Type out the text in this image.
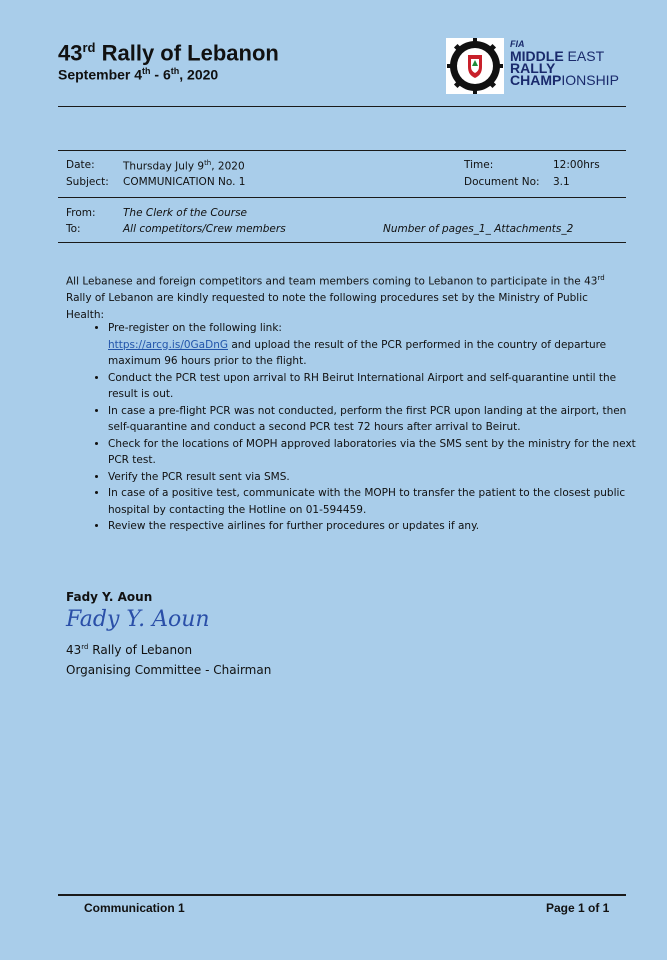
43rd Rally of Lebanon
September 4th - 6th, 2020
FIA
MIDDLE EAST
RALLY
CHAMPIONSHIP
Date:	Thursday July 9th, 2020	Time:	12:00hrs
Subject: COMMUNICATION No. 1	Document No: 3.1
From:	The Clerk of the Course
To:	All competitors/Crew members	Number of pages_1_ Attachments_2
All Lebanese and foreign competitors and team members coming to Lebanon to participate in the 43rd Rally of Lebanon are kindly requested to note the following procedures set by the Ministry of Public Health:
• Pre-register on the following link:
https://arcg.is/0GaDnG and upload the result of the PCR performed in the country of departure maximum 96 hours prior to the flight.
• Conduct the PCR test upon arrival to RH Beirut International Airport and self-quarantine until the result is out.
• In case a pre-flight PCR was not conducted, perform the first PCR upon landing at the airport, then self-quarantine and conduct a second PCR test 72 hours after arrival to Beirut.
• Check for the locations of MOPH approved laboratories via the SMS sent by the ministry for the next PCR test.
• Verify the PCR result sent via SMS.
• In case of a positive test, communicate with the MOPH to transfer the patient to the closest public hospital by contacting the Hotline on 01-594459.
• Review the respective airlines for further procedures or updates if any.
Fady Y. Aoun
Fady Y. Aoun
43rd Rally of Lebanon
Organising Committee - Chairman
Communication 1	Page 1 of 1
